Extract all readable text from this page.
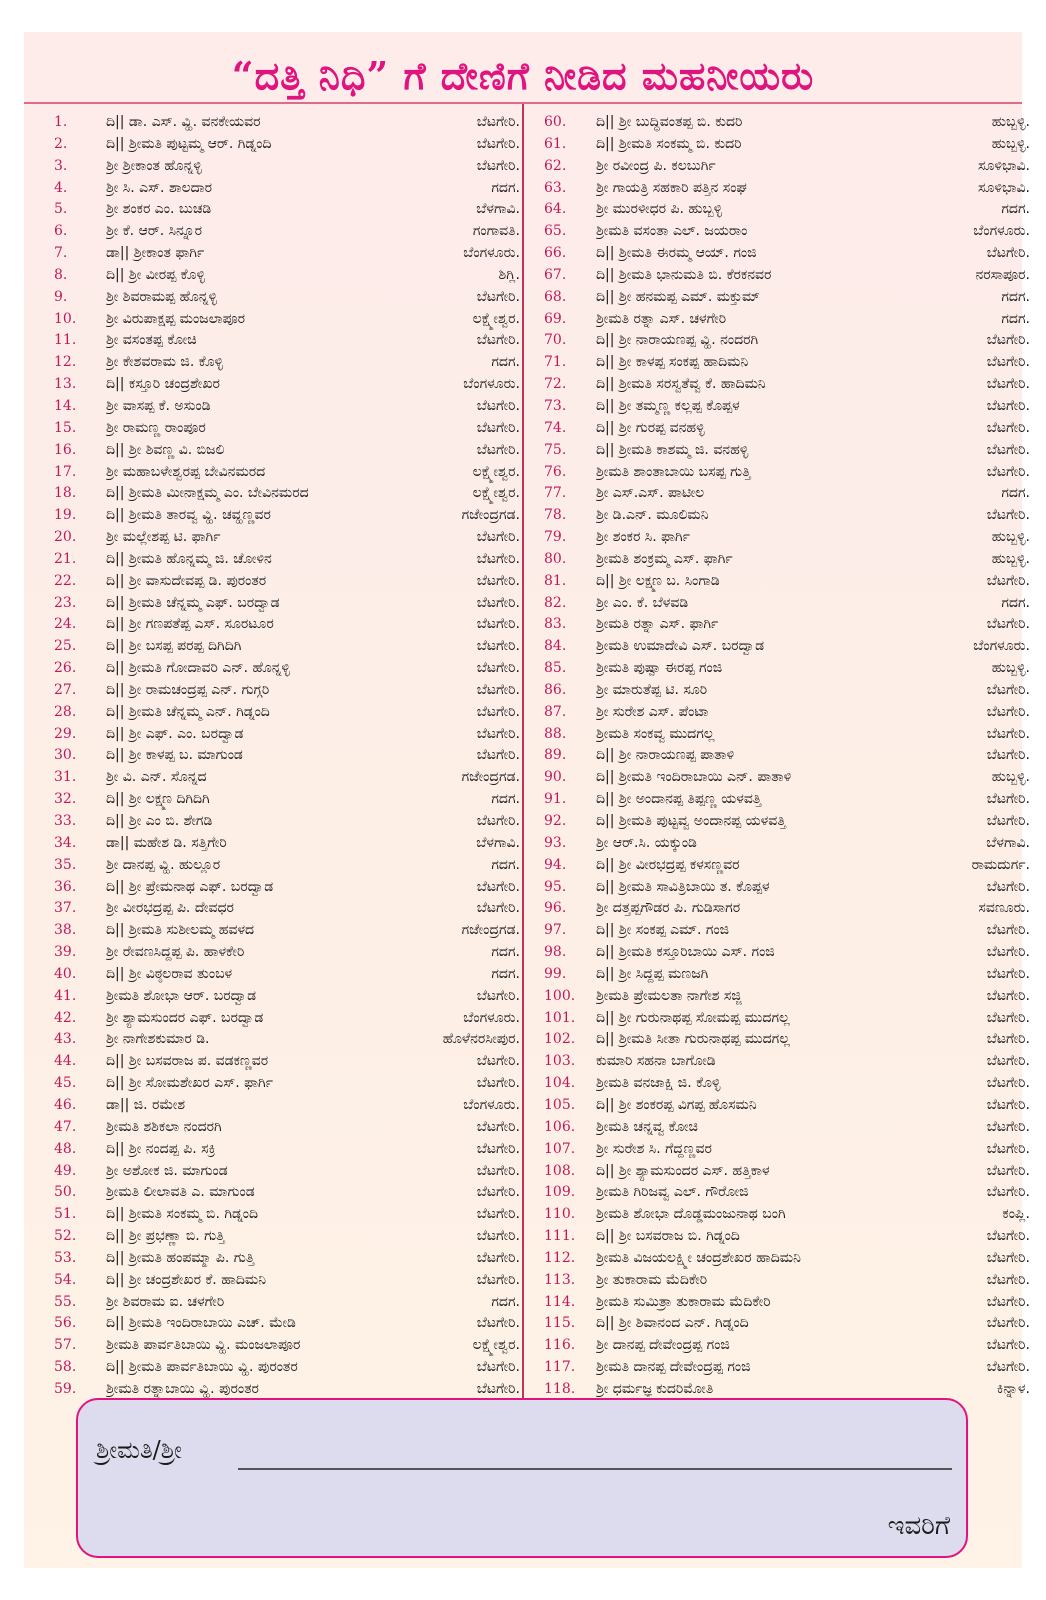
“ದತ್ತಿ ನಿಧಿ” ಗೆ ದೇಣಿಗೆ ನೀಡಿದ ಮಹನೀಯರು
1.	ದಿ|| ಡಾ. ಎಸ್. ವ್ಹಿ. ವನಕೇಯವರ	ಬೆಟಗೇರಿ.
2.	ದಿ|| ಶ್ರೀಮತಿ ಪುಟ್ಟಮ್ಮ ಆರ್. ಗಿಡ್ನಂದಿ	ಬೆಟಗೇರಿ.
3.	ಶ್ರೀ ಶ್ರೀಕಾಂತ ಹೊನ್ನಳ್ಳಿ	ಬೆಟಗೇರಿ.
4.	ಶ್ರೀ ಸಿ. ಎಸ್. ಶಾಲದಾರ	ಗದಗ.
5.	ಶ್ರೀ ಶಂಕರ ಎಂ. ಬುಚಡಿ	ಬೆಳಗಾವಿ.
6.	ಶ್ರೀ ಕೆ. ಆರ್. ಸಿನ್ನೂರ	ಗಂಗಾವತಿ.
7.	ಡಾ|| ಶ್ರೀಕಾಂತ ಫಾರ್ಗಿ	ಬೆಂಗಳೂರು.
8.	ದಿ|| ಶ್ರೀ ವೀರಪ್ಪ ಕೊಳ್ಳಿ	ಶಿಗ್ಲಿ.
9.	ಶ್ರೀ ಶಿವರಾಮಪ್ಪ ಹೊನ್ನಳ್ಳಿ	ಬೆಟಗೇರಿ.
10.	ಶ್ರೀ ವಿರುಪಾಕ್ಷಪ್ಪ ಮಂಜಲಾಪೂರ	ಲಕ್ಷ್ಮೇಶ್ವರ.
11.	ಶ್ರೀ ವಸಂತಪ್ಪ ಕೋಚಿ	ಬೆಟಗೇರಿ.
12.	ಶ್ರೀ ಕೇಶವರಾಮ ಜಿ. ಕೊಳ್ಳಿ	ಗದಗ.
13.	ದಿ|| ಕಸ್ತೂರಿ ಚಂದ್ರಶೇಖರ	ಬೆಂಗಳೂರು.
14.	ಶ್ರೀ ವಾಸಪ್ಪ ಕೆ. ಅಸುಂಡಿ	ಬೆಟಗೇರಿ.
15.	ಶ್ರೀ ರಾಮಣ್ಣ ರಾಂಪೂರ	ಬೆಟಗೇರಿ.
16.	ದಿ|| ಶ್ರೀ ಶಿವಣ್ಣ ವಿ. ಬಿಜಲಿ	ಬೆಟಗೇರಿ.
17.	ಶ್ರೀ ಮಹಾಬಳೇಶ್ವರಪ್ಪ ಬೇವಿನಮರದ	ಲಕ್ಷ್ಮೇಶ್ವರ.
18.	ದಿ|| ಶ್ರೀಮತಿ ಮೀನಾಕ್ಷಮ್ಮ ಎಂ. ಬೇವಿನಮರದ	ಲಕ್ಷ್ಮೇಶ್ವರ.
19.	ದಿ|| ಶ್ರೀಮತಿ ತಾರವ್ವ ವ್ಹಿ. ಚವ್ಹಣ್ಣವರ	ಗಜೇಂದ್ರಗಡ.
20.	ಶ್ರೀ ಮಲ್ಲೇಶಪ್ಪ ಟಿ. ಫಾರ್ಗಿ	ಬೆಟಗೇರಿ.
21.	ದಿ|| ಶ್ರೀಮತಿ ಹೊನ್ನಮ್ಮ ಜಿ. ಚೋಳಿನ	ಬೆಟಗೇರಿ.
22.	ದಿ|| ಶ್ರೀ ವಾಸುದೇವಪ್ಪ ಡಿ. ಪುರಂತರ	ಬೆಟಗೇರಿ.
23.	ದಿ|| ಶ್ರೀಮತಿ ಚೆನ್ನಮ್ಮ ಎಫ್. ಬರದ್ವಾಡ	ಬೆಟಗೇರಿ.
24.	ದಿ|| ಶ್ರೀ ಗಣಪತೆಪ್ಪ ಎಸ್. ಸೂರಟೂರ	ಬೆಟಗೇರಿ.
25.	ದಿ|| ಶ್ರೀ ಬಸಪ್ಪ ಪರಪ್ಪ ದಿಗಿದಿಗಿ	ಬೆಟಗೇರಿ.
26.	ದಿ|| ಶ್ರೀಮತಿ ಗೋದಾವರಿ ಎನ್. ಹೊನ್ನಳ್ಳಿ	ಬೆಟಗೇರಿ.
27.	ದಿ|| ಶ್ರೀ ರಾಮಚಂದ್ರಪ್ಪ ಎನ್. ಗುಗ್ಗರಿ	ಬೆಟಗೇರಿ.
28.	ದಿ|| ಶ್ರೀಮತಿ ಚೆನ್ನಮ್ಮ ಎನ್. ಗಿಡ್ನಂದಿ	ಬೆಟಗೇರಿ.
29.	ದಿ|| ಶ್ರೀ ಎಫ್. ಎಂ. ಬರದ್ವಾಡ	ಬೆಟಗೇರಿ.
30.	ದಿ|| ಶ್ರೀ ಕಾಳಪ್ಪ ಬ. ಮಾಗುಂಡ	ಬೆಟಗೇರಿ.
31.	ಶ್ರೀ ವಿ. ಎನ್. ಸೊನ್ನದ	ಗಜೇಂದ್ರಗಡ.
32.	ದಿ|| ಶ್ರೀ ಲಕ್ಷ್ಮಣ ದಿಗಿದಿಗಿ	ಗದಗ.
33.	ದಿ|| ಶ್ರೀ ಎಂ ಬಿ. ಶೇಗಡಿ	ಬೆಟಗೇರಿ.
34.	ಡಾ|| ಮಹೇಶ ಡಿ. ಸತ್ತಿಗೇರಿ	ಬೆಳಗಾವಿ.
35.	ಶ್ರೀ ದಾನಪ್ಪ ವ್ಹಿ. ಹುಲ್ಲೂರ	ಗದಗ.
36.	ದಿ|| ಶ್ರೀ ಪ್ರೇಮನಾಥ ಎಫ್. ಬರದ್ವಾಡ	ಬೆಟಗೇರಿ.
37.	ಶ್ರೀ ವೀರಭದ್ರಪ್ಪ ಪಿ. ದೇವಧರ	ಬೆಟಗೇರಿ.
38.	ದಿ|| ಶ್ರೀಮತಿ ಸುಶೀಲಮ್ಮ ಹವಳದ	ಗಜೇಂದ್ರಗಡ.
39.	ಶ್ರೀ ರೇವಣಸಿದ್ದಪ್ಪ ಪಿ. ಹಾಳಕೇರಿ	ಗದಗ.
40.	ದಿ|| ಶ್ರೀ ವಿಠ್ಠಲರಾವ ತುಂಬಳ	ಗದಗ.
41.	ಶ್ರೀಮತಿ ಶೋಭಾ ಆರ್. ಬರದ್ವಾಡ	ಬೆಟಗೇರಿ.
42.	ಶ್ರೀ ಶ್ಯಾಮಸುಂದರ ಎಫ್. ಬರದ್ವಾಡ	ಬೆಂಗಳೂರು.
43.	ಶ್ರೀ ನಾಗೇಶಕುಮಾರ ಡಿ.	ಹೊಳೆನರಸೀಪುರ.
44.	ದಿ|| ಶ್ರೀ ಬಸವರಾಜ ಪ. ವಡಕಣ್ಣವರ	ಬೆಟಗೇರಿ.
45.	ದಿ|| ಶ್ರೀ ಸೋಮಶೇಖರ ಎಸ್. ಫಾರ್ಗಿ	ಬೆಟಗೇರಿ.
46.	ಡಾ|| ಜಿ. ರಮೇಶ	ಬೆಂಗಳೂರು.
47.	ಶ್ರೀಮತಿ ಶಶಿಕಲಾ ನಂದರಗಿ	ಬೆಟಗೇರಿ.
48.	ದಿ|| ಶ್ರೀ ನಂದಪ್ಪ ಪಿ. ಸಕ್ರಿ	ಬೆಟಗೇರಿ.
49.	ಶ್ರೀ ಅಶೋಕ ಜಿ. ಮಾಗುಂಡ	ಬೆಟಗೇರಿ.
50.	ಶ್ರೀಮತಿ ಲೀಲಾವತಿ ಎ. ಮಾಗುಂಡ	ಬೆಟಗೇರಿ.
51.	ದಿ|| ಶ್ರೀಮತಿ ಸಂಕಮ್ಮ ಬಿ. ಗಿಡ್ನಂದಿ	ಬೆಟಗೇರಿ.
52.	ದಿ|| ಶ್ರೀ ಪ್ರಭಣ್ಣಾ ಬಿ. ಗುತ್ತಿ	ಬೆಟಗೇರಿ.
53.	ದಿ|| ಶ್ರೀಮತಿ ಹಂಪಮ್ಮಾ ಪಿ. ಗುತ್ತಿ	ಬೆಟಗೇರಿ.
54.	ದಿ|| ಶ್ರೀ ಚಂದ್ರಶೇಖರ ಕೆ. ಹಾದಿಮನಿ	ಬೆಟಗೇರಿ.
55.	ಶ್ರೀ ಶಿವರಾಮ ಐ. ಚಳಗೇರಿ	ಗದಗ.
56.	ದಿ|| ಶ್ರೀಮತಿ ಇಂದಿರಾಬಾಯಿ ಎಚ್. ಮೇಡಿ	ಬೆಟಗೇರಿ.
57.	ಶ್ರೀಮತಿ ಪಾರ್ವತಿಬಾಯಿ ವ್ಹಿ. ಮಂಜಲಾಪೂರ	ಲಕ್ಷ್ಮೇಶ್ವರ.
58.	ದಿ|| ಶ್ರೀಮತಿ ಪಾರ್ವತಿಬಾಯಿ ವ್ಹಿ. ಪುರಂತರ	ಬೆಟಗೇರಿ.
59.	ಶ್ರೀಮತಿ ರತ್ನಾಬಾಯಿ ವ್ಹಿ. ಪುರಂತರ	ಬೆಟಗೇರಿ.
60.	ದಿ|| ಶ್ರೀ ಬುದ್ಧಿವಂತಪ್ಪ ಬಿ. ಕುದರಿ	ಹುಬ್ಬಳ್ಳಿ.
61.	ದಿ|| ಶ್ರೀಮತಿ ಸಂಕಮ್ಮ ಬಿ. ಕುದರಿ	ಹುಬ್ಬಳ್ಳಿ.
62.	ಶ್ರೀ ರವೀಂದ್ರ ಪಿ. ಕಲಬುರ್ಗಿ	ಸೂಳಿಭಾವಿ.
63.	ಶ್ರೀ ಗಾಯತ್ರಿ ಸಹಕಾರಿ ಪತ್ತಿನ ಸಂಘ	ಸೂಳಿಭಾವಿ.
64.	ಶ್ರೀ ಮುರಳೀಧರ ಪಿ. ಹುಬ್ಬಳ್ಳಿ	ಗದಗ.
65.	ಶ್ರೀಮತಿ ವಸಂತಾ ಎಲ್. ಜಯರಾಂ	ಬೆಂಗಳೂರು.
66.	ದಿ|| ಶ್ರೀಮತಿ ಈರಮ್ಮ ಆಯ್. ಗಂಜಿ	ಬೆಟಗೇರಿ.
67.	ದಿ|| ಶ್ರೀಮತಿ ಭಾನುಮತಿ ಬಿ. ಕೆರಕನವರ	ನರಸಾಪೂರ.
68.	ದಿ|| ಶ್ರೀ ಹನಮಪ್ಪ ಎಮ್. ಮಕ್ತುಮ್	ಗದಗ.
69.	ಶ್ರೀಮತಿ ರತ್ನಾ ಎಸ್. ಚಳಗೇರಿ	ಗದಗ.
70.	ದಿ|| ಶ್ರೀ ನಾರಾಯಣಪ್ಪ ವ್ಹಿ. ನಂದರಗಿ	ಬೆಟಗೇರಿ.
71.	ದಿ|| ಶ್ರೀ ಕಾಳಪ್ಪ ಸಂಕಪ್ಪ ಹಾದಿಮನಿ	ಬೆಟಗೇರಿ.
72.	ದಿ|| ಶ್ರೀಮತಿ ಸರಸ್ವತೆವ್ವ ಕೆ. ಹಾದಿಮನಿ	ಬೆಟಗೇರಿ.
73.	ದಿ|| ಶ್ರೀ ತಮ್ಮಣ್ಣ ಕಲ್ಲಪ್ಪ ಕೊಪ್ಪಳ	ಬೆಟಗೇರಿ.
74.	ದಿ|| ಶ್ರೀ ಗುರಪ್ಪ ವನಹಳ್ಳಿ	ಬೆಟಗೇರಿ.
75.	ದಿ|| ಶ್ರೀಮತಿ ಕಾಶಮ್ಮ ಜಿ. ವನಹಳ್ಳಿ	ಬೆಟಗೇರಿ.
76.	ಶ್ರೀಮತಿ ಶಾಂತಾಬಾಯಿ ಬಸಪ್ಪ ಗುತ್ತಿ	ಬೆಟಗೇರಿ.
77.	ಶ್ರೀ ಎಸ್.ಎಸ್. ಪಾಟೀಲ	ಗದಗ.
78.	ಶ್ರೀ ಡಿ.ಎನ್. ಮೂಲಿಮನಿ	ಬೆಟಗೇರಿ.
79.	ಶ್ರೀ ಶಂಕರ ಸಿ. ಫಾರ್ಗಿ	ಹುಬ್ಬಳ್ಳಿ.
80.	ಶ್ರೀಮತಿ ಶಂಕ್ರಮ್ಮ ಎಸ್. ಫಾರ್ಗಿ	ಹುಬ್ಬಳ್ಳಿ.
81.	ದಿ|| ಶ್ರೀ ಲಕ್ಷ್ಮಣ ಬ. ಸಿಂಗಾಡಿ	ಬೆಟಗೇರಿ.
82.	ಶ್ರೀ ಎಂ. ಕೆ. ಬೆಳವಡಿ	ಗದಗ.
83.	ಶ್ರೀಮತಿ ರತ್ನಾ ಎಸ್. ಫಾರ್ಗಿ	ಬೆಟಗೇರಿ.
84.	ಶ್ರೀಮತಿ ಉಮಾದೇವಿ ಎಸ್. ಬರದ್ವಾಡ	ಬೆಂಗಳೂರು.
85.	ಶ್ರೀಮತಿ ಪುಷ್ಪಾ ಈರಪ್ಪ ಗಂಜಿ	ಹುಬ್ಬಳ್ಳಿ.
86.	ಶ್ರೀ ಮಾರುತೆಪ್ಪ ಟಿ. ಸೂರಿ	ಬೆಟಗೇರಿ.
87.	ಶ್ರೀ ಸುರೇಶ ಎಸ್. ಪೆಂಟಾ	ಬೆಟಗೇರಿ.
88.	ಶ್ರೀಮತಿ ಸಂಕವ್ವ ಮುದಗಲ್ಲ	ಬೆಟಗೇರಿ.
89.	ದಿ|| ಶ್ರೀ ನಾರಾಯಣಪ್ಪ ಪಾತಾಳಿ	ಬೆಟಗೇರಿ.
90.	ದಿ|| ಶ್ರೀಮತಿ ಇಂದಿರಾಬಾಯಿ ಎನ್. ಪಾತಾಳಿ	ಹುಬ್ಬಳ್ಳಿ.
91.	ದಿ|| ಶ್ರೀ ಅಂದಾನಪ್ಪ ತಿಪ್ಪಣ್ಣ ಯಳವತ್ತಿ	ಬೆಟಗೇರಿ.
92.	ದಿ|| ಶ್ರೀಮತಿ ಪುಟ್ಟವ್ವ ಅಂದಾನಪ್ಪ ಯಳವತ್ತಿ	ಬೆಟಗೇರಿ.
93.	ಶ್ರೀ ಆರ್.ಸಿ. ಯಕ್ಕುಂಡಿ	ಬೆಳಗಾವಿ.
94.	ದಿ|| ಶ್ರೀ ವೀರಭದ್ರಪ್ಪ ಕಳಸಣ್ಣವರ	ರಾಮದುರ್ಗ.
95.	ದಿ|| ಶ್ರೀಮತಿ ಸಾವಿತ್ರಿಬಾಯಿ ತ. ಕೊಪ್ಪಳ	ಬೆಟಗೇರಿ.
96.	ಶ್ರೀ ದತ್ತಪ್ಪಗೌಡರ ಪಿ. ಗುಡಿಸಾಗರ	ಸವಣೂರು.
97.	ದಿ|| ಶ್ರೀ ಸಂಕಪ್ಪ ಎಮ್. ಗಂಜಿ	ಬೆಟಗೇರಿ.
98.	ದಿ|| ಶ್ರೀಮತಿ ಕಸ್ತೂರಿಬಾಯಿ ಎಸ್. ಗಂಜಿ	ಬೆಟಗೇರಿ.
99.	ದಿ|| ಶ್ರೀ ಸಿದ್ದಪ್ಪ ಮಣಜಗಿ	ಬೆಟಗೇರಿ.
100.	ಶ್ರೀಮತಿ ಪ್ರೇಮಲತಾ ನಾಗೇಶ ಸಜ್ಜಿ	ಬೆಟಗೇರಿ.
101.	ದಿ|| ಶ್ರೀ ಗುರುನಾಥಪ್ಪ ಸೋಮಪ್ಪ ಮುದಗಲ್ಲ	ಬೆಟಗೇರಿ.
102.	ದಿ|| ಶ್ರೀಮತಿ ಸೀತಾ ಗುರುನಾಥಪ್ಪ ಮುದಗಲ್ಲ	ಬೆಟಗೇರಿ.
103.	ಕುಮಾರಿ ಸಹನಾ ಬಾಗೋಡಿ	ಬೆಟಗೇರಿ.
104.	ಶ್ರೀಮತಿ ವನಜಾಕ್ಷಿ ಜಿ. ಕೊಳ್ಳಿ	ಬೆಟಗೇರಿ.
105.	ದಿ|| ಶ್ರೀ ಶಂಕರಪ್ಪ ವಿಗಪ್ಪ ಹೊಸಮನಿ	ಬೆಟಗೇರಿ.
106.	ಶ್ರೀಮತಿ ಚನ್ನವ್ವ ಕೋಚಿ	ಬೆಟಗೇರಿ.
107.	ಶ್ರೀ ಸುರೇಶ ಸಿ. ಗೆದ್ದಣ್ಣವರ	ಬೆಟಗೇರಿ.
108.	ದಿ|| ಶ್ರೀ ಶ್ಯಾಮಸುಂದರ ಎಸ್. ಹತ್ತಿಕಾಳ	ಬೆಟಗೇರಿ.
109.	ಶ್ರೀಮತಿ ಗಿರಿಜವ್ವ ಎಲ್. ಗೌರೋಜಿ	ಬೆಟಗೇರಿ.
110.	ಶ್ರೀಮತಿ ಶೋಭಾ ದೊಡ್ಡಮಂಜುನಾಥ ಬಂಗಿ	ಕಂಪ್ಲಿ.
111.	ದಿ|| ಶ್ರೀ ಬಸವರಾಜ ಬಿ. ಗಿಡ್ನಂದಿ	ಬೆಟಗೇರಿ.
112.	ಶ್ರೀಮತಿ ವಿಜಯಲಕ್ಷ್ಮೀ ಚಂದ್ರಶೇಖರ ಹಾದಿಮನಿ	ಬೆಟಗೇರಿ.
113.	ಶ್ರೀ ತುಕಾರಾಮ ಮೆದಿಕೇರಿ	ಬೆಟಗೇರಿ.
114.	ಶ್ರೀಮತಿ ಸುಮಿತ್ರಾ ತುಕಾರಾಮ ಮೆದಿಕೇರಿ	ಬೆಟಗೇರಿ.
115.	ದಿ|| ಶ್ರೀ ಶಿವಾನಂದ ಎನ್. ಗಿಡ್ನಂದಿ	ಬೆಟಗೇರಿ.
116.	ಶ್ರೀ ದಾನಪ್ಪ ದೇವೇಂದ್ರಪ್ಪ ಗಂಜಿ	ಬೆಟಗೇರಿ.
117.	ಶ್ರೀಮತಿ ದಾನಪ್ಪ ದೇವೇಂದ್ರಪ್ಪ ಗಂಜಿ	ಬೆಟಗೇರಿ.
118.	ಶ್ರೀ ಧರ್ಮಜ್ಞ ಕುದರಿಮೋತಿ	ಕಿನ್ನಾಳ.
ಶ್ರೀಮತಿ/ಶ್ರೀ
ಇವರಿಗೆ
